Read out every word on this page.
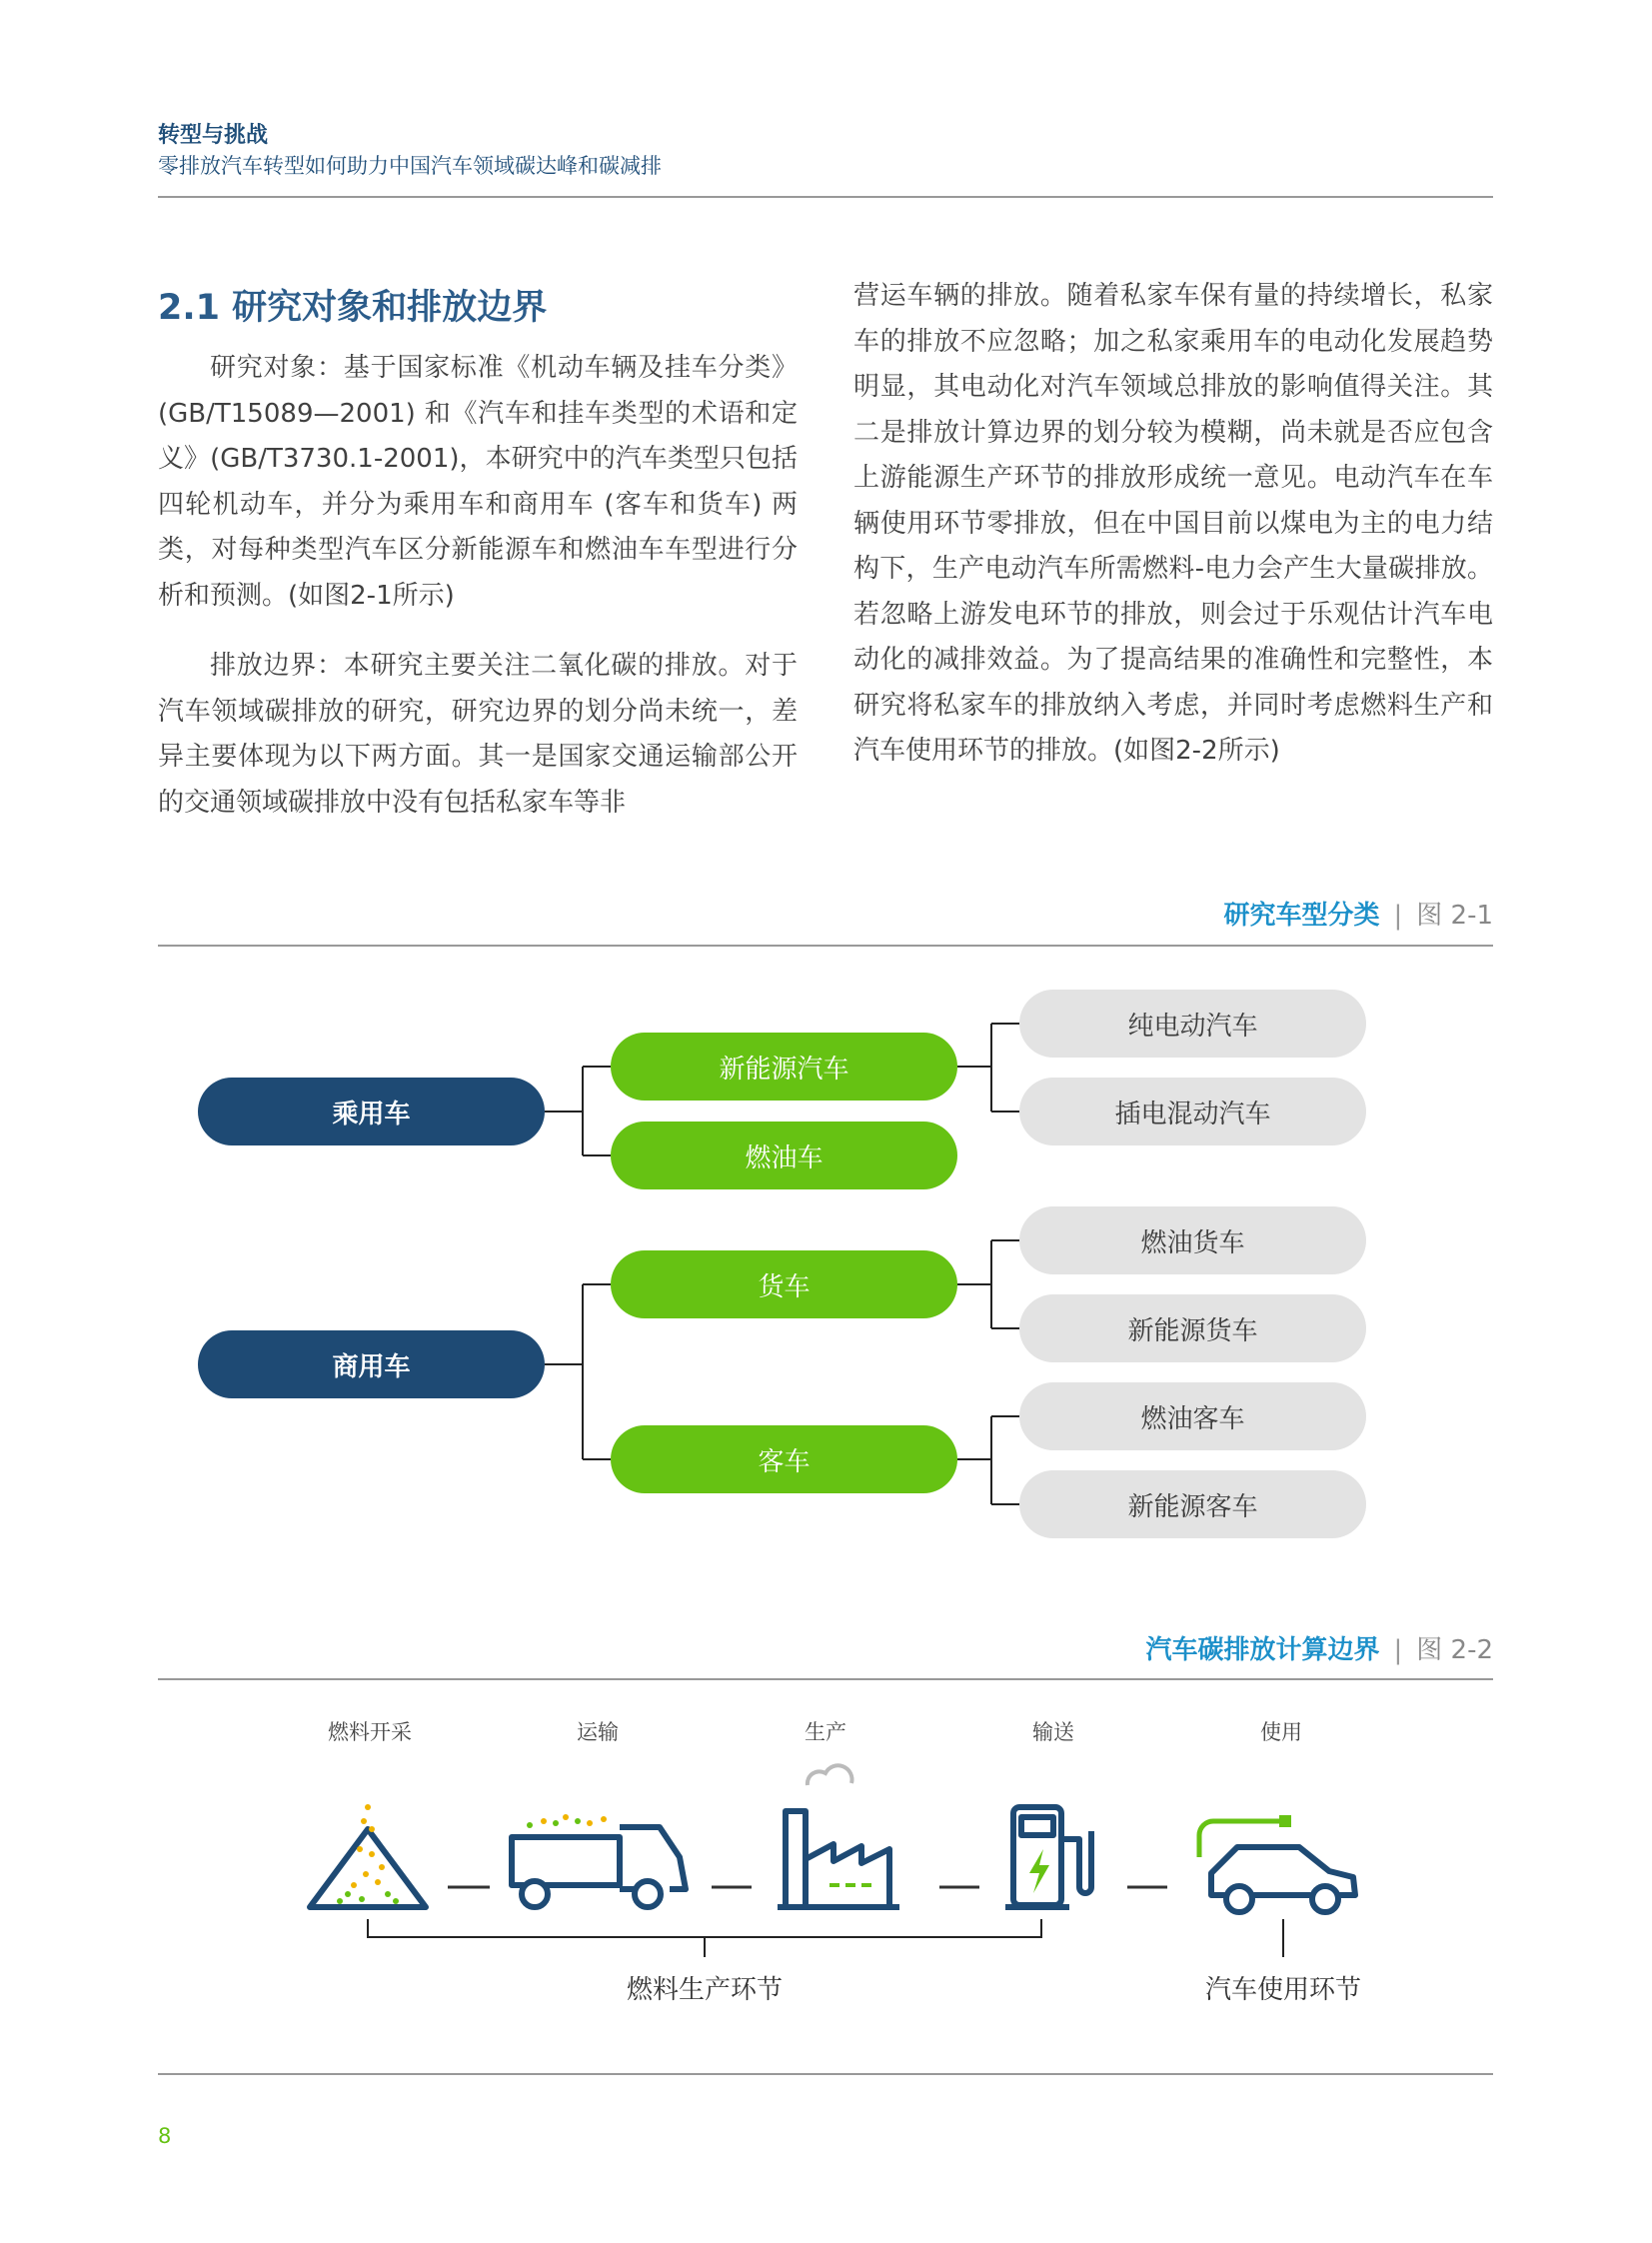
转型与挑战
零排放汽车转型如何助力中国汽车领域碳达峰和碳减排
2.1 研究对象和排放边界
研究对象：基于国家标准《机动车辆及挂车分类》(GB/T15089—2001) 和《汽车和挂车类型的术语和定义》(GB/T3730.1-2001)，本研究中的汽车类型只包括四轮机动车，并分为乘用车和商用车 (客车和货车) 两类，对每种类型汽车区分新能源车和燃油车车型进行分析和预测。(如图2-1所示)
排放边界：本研究主要关注二氧化碳的排放。对于汽车领域碳排放的研究，研究边界的划分尚未统一，差异主要体现为以下两方面。其一是国家交通运输部公开的交通领域碳排放中没有包括私家车等非
营运车辆的排放。随着私家车保有量的持续增长，私家车的排放不应忽略；加之私家乘用车的电动化发展趋势明显，其电动化对汽车领域总排放的影响值得关注。其二是排放计算边界的划分较为模糊，尚未就是否应包含上游能源生产环节的排放形成统一意见。电动汽车在车辆使用环节零排放，但在中国目前以煤电为主的电力结构下，生产电动汽车所需燃料-电力会产生大量碳排放。若忽略上游发电环节的排放，则会过于乐观估计汽车电动化的减排效益。为了提高结果的准确性和完整性，本研究将私家车的排放纳入考虑，并同时考虑燃料生产和汽车使用环节的排放。(如图2-2所示)
研究车型分类 | 图 2-1
乘用车
商用车
新能源汽车
燃油车
货车
客车
纯电动汽车
插电混动汽车
燃油货车
新能源货车
燃油客车
新能源客车
汽车碳排放计算边界 | 图 2-2
燃料开采	运输	生产	输送	使用
燃料生产环节	汽车使用环节
8
